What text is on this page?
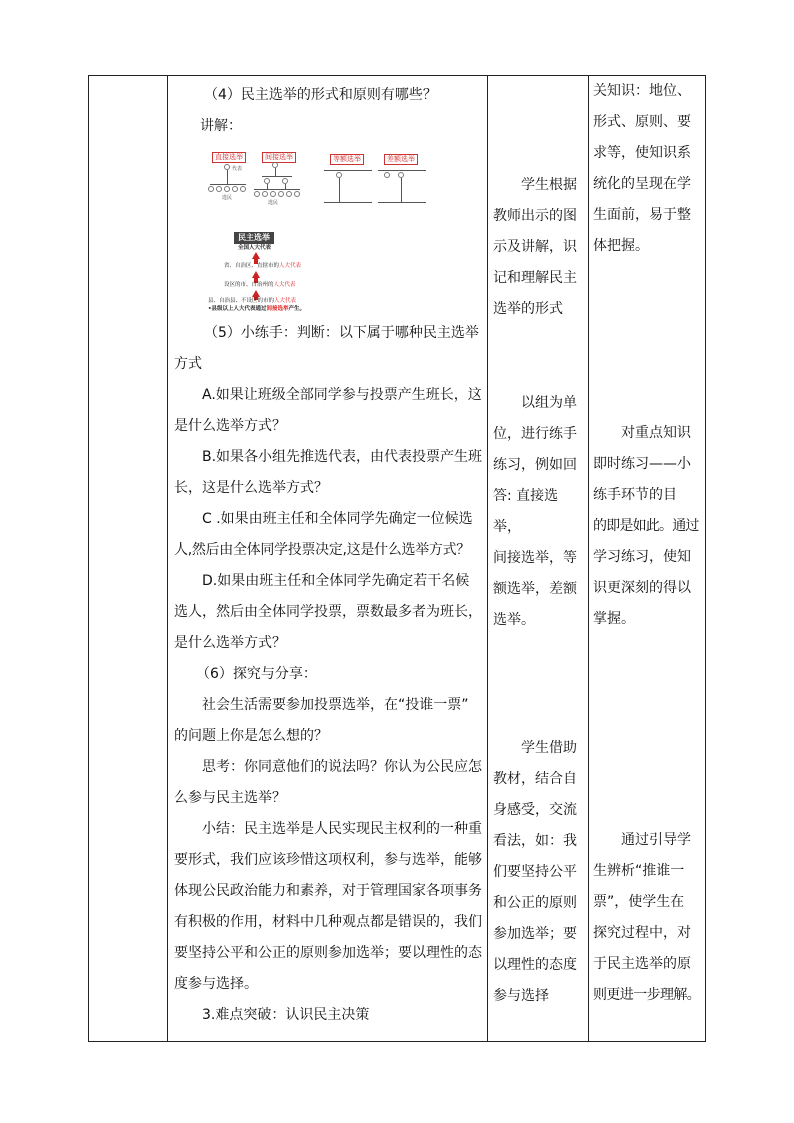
（4）民主选举的形式和原则有哪些？

讲解：

（5）小练手：判断：以下属于哪种民主选举

方式

A.如果让班级全部同学参与投票产生班长，这

是什么选举方式？

B.如果各小组先推选代表，由代表投票产生班

长，这是什么选举方式？

C .如果由班主任和全体同学先确定一位候选

人,然后由全体同学投票决定,这是什么选举方式？

D.如果由班主任和全体同学先确定若干名候

选人，然后由全体同学投票，票数最多者为班长，

是什么选举方式？

（6）探究与分享：

社会生活需要参加投票选举，在“投谁一票”

的问题上你是怎么想的？

思考：你同意他们的说法吗？你认为公民应怎

么参与民主选举？

小结：民主选举是人民实现民主权利的一种重

要形式，我们应该珍惜这项权利，参与选举，能够

体现公民政治能力和素养，对于管理国家各项事务

有积极的作用，材料中几种观点都是错误的，我们

要坚持公平和公正的原则参加选举；要以理性的态

度参与选择。

3.难点突破：认识民主决策

直接选举
代表
选民
间接选举
选民
等额选举	差额选举
民主选举
全国人大代表
省、自治区、直辖市的人大代表
设区的市、自治州的人大代表
县、自治县、不设区的市的人大代表
•县级以上人大代表通过间接选举产生。

学生根据

教师出示的图

示及讲解，识

记和理解民主

选举的形式

以组为单

位，进行练手

练习，例如回

答: 直接选举，

间接选举，等

额选举，差额

选举。

学生借助

教材，结合自

身感受，交流

看法，如：我

们要坚持公平

和公正的原则

参加选举；要

以理性的态度

参与选择

关知识：地位、

形式、原则、要

求等，使知识系

统化的呈现在学

生面前，易于整

体把握。

对重点知识

即时练习——小

练手环节的目

的即是如此。通过

学习练习，使知

识更深刻的得以

掌握。

通过引导学

生辨析“推谁一

票”，使学生在

探究过程中，对

于民主选举的原

则更进一步理解。
